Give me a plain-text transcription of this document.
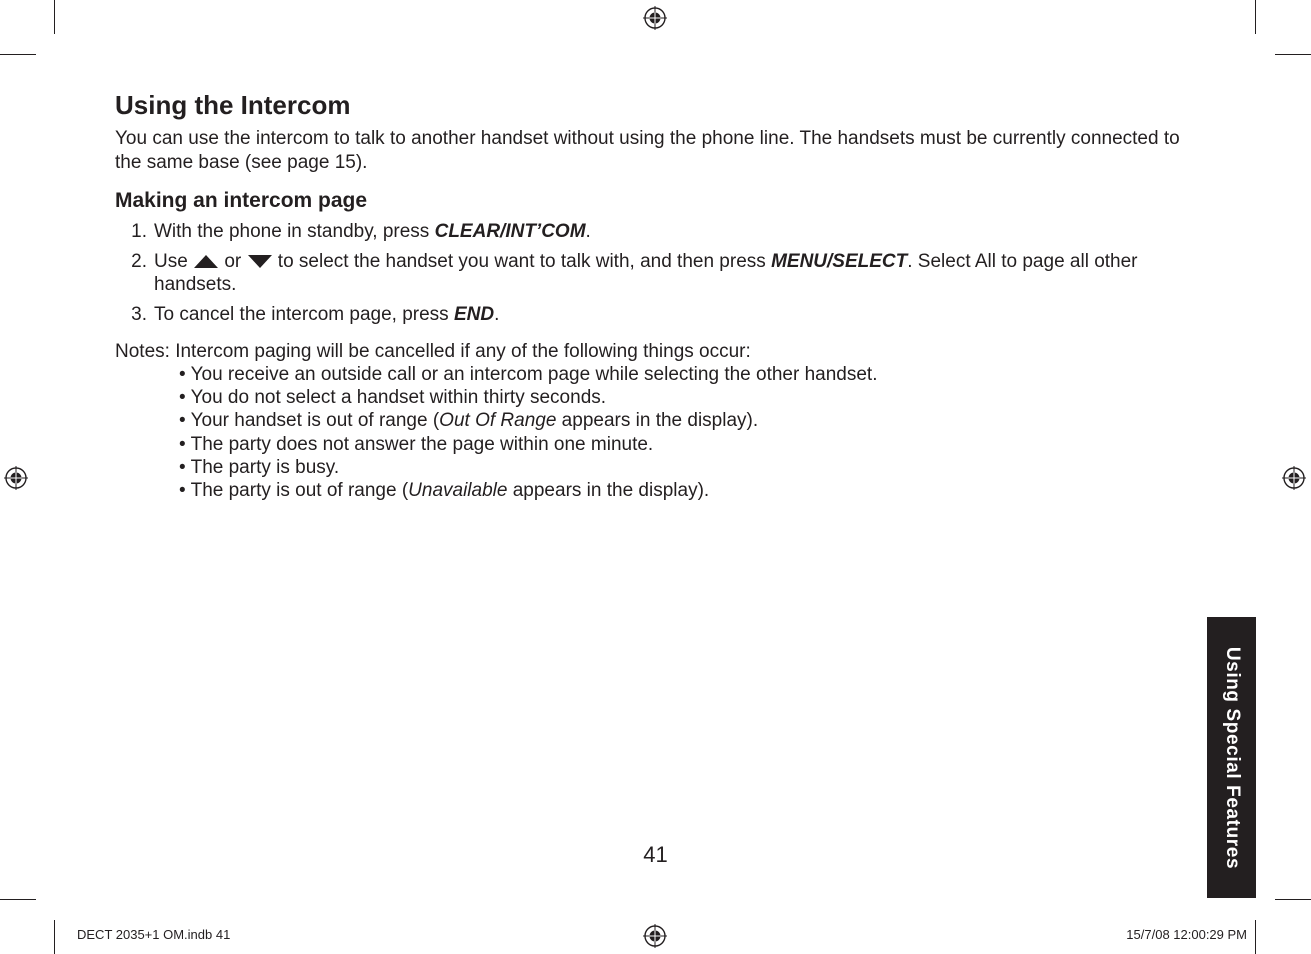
Using the Intercom

You can use the intercom to talk to another handset without using the phone line. The handsets must be currently connected to the same base (see page 15).

Making an intercom page
1. With the phone in standby, press CLEAR/INT’COM.
2. Use  or  to select the handset you want to talk with, and then press MENU/SELECT. Select All to page all other handsets.
3. To cancel the intercom page, press END.
Notes: Intercom paging will be cancelled if any of the following things occur:
• You receive an outside call or an intercom page while selecting the other handset.
• You do not select a handset within thirty seconds.
• Your handset is out of range (Out Of Range appears in the display).
• The party does not answer the page within one minute.
• The party is busy.
• The party is out of range (Unavailable appears in the display).
41	Using Special Features
DECT 2035+1 OM.indb 41	15/7/08 12:00:29 PM
